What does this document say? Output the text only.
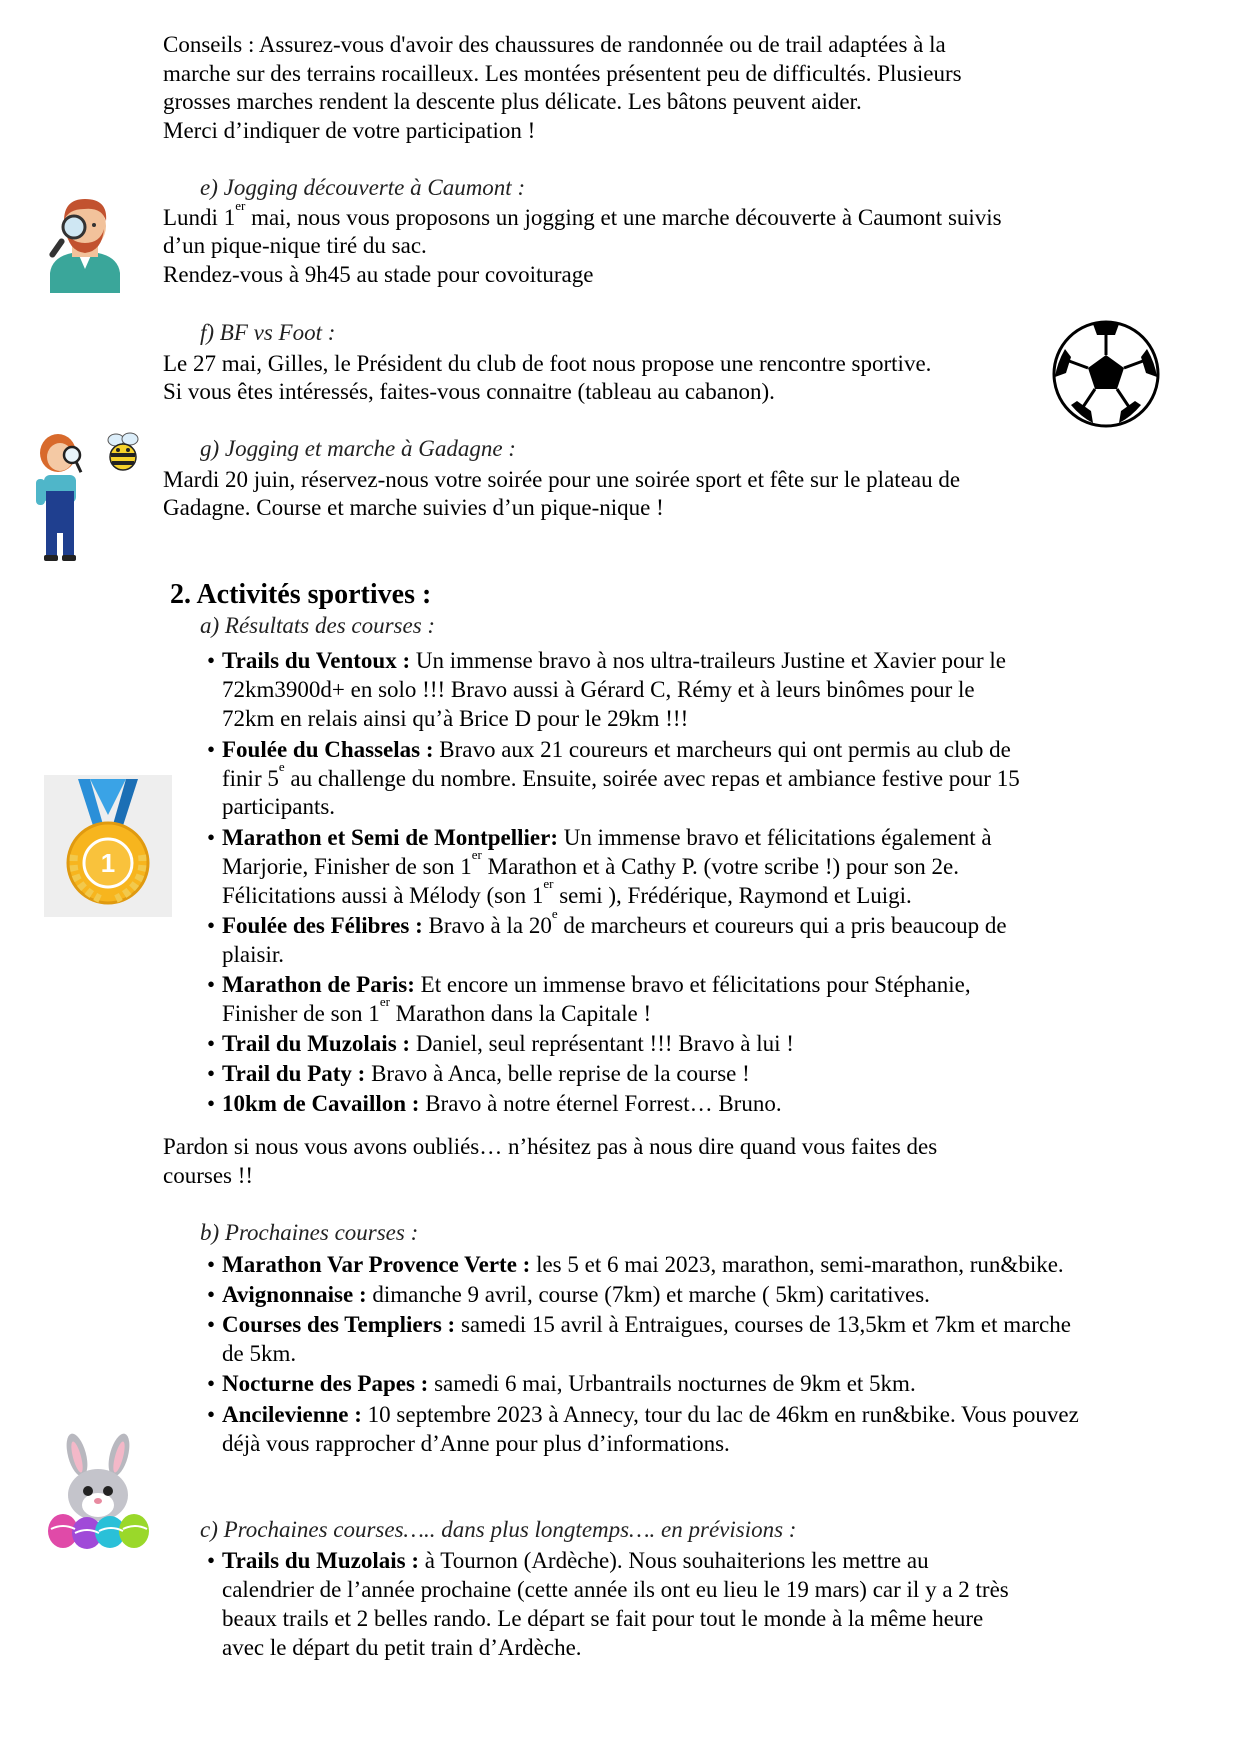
Conseils : Assurez-vous d'avoir des chaussures de randonnée ou de trail adaptées à la
marche sur des terrains rocailleux. Les montées présentent peu de difficultés. Plusieurs
grosses marches rendent la descente plus délicate. Les bâtons peuvent aider.
Merci d’indiquer de votre participation !
e) Jogging découverte à Caumont :
Lundi 1er mai, nous vous proposons un jogging et une marche découverte à Caumont suivis
d’un pique-nique tiré du sac.
Rendez-vous à 9h45 au stade pour covoiturage
f) BF vs Foot :
Le 27 mai, Gilles, le Président du club de foot nous propose une rencontre sportive.
Si vous êtes intéressés, faites-vous connaitre (tableau au cabanon).
g) Jogging et marche à Gadagne :
Mardi 20 juin, réservez-nous votre soirée pour une soirée sport et fête sur le plateau de
Gadagne. Course et marche suivies d’un pique-nique !
2. Activités sportives :
a) Résultats des courses :
• Trails du Ventoux : Un immense bravo à nos ultra-traileurs Justine et Xavier pour le
72km3900d+ en solo !!! Bravo aussi à Gérard C, Rémy et à leurs binômes pour le
72km en relais ainsi qu’à Brice D pour le 29km !!!
• Foulée du Chasselas : Bravo aux 21 coureurs et marcheurs qui ont permis au club de
finir 5e au challenge du nombre. Ensuite, soirée avec repas et ambiance festive pour 15
participants.
• Marathon et Semi de Montpellier: Un immense bravo et félicitations également à
Marjorie, Finisher de son 1er Marathon et à Cathy P. (votre scribe !) pour son 2e.
Félicitations aussi à Mélody (son 1er semi ), Frédérique, Raymond et Luigi.
• Foulée des Félibres : Bravo à la 20e de marcheurs et coureurs qui a pris beaucoup de
plaisir.
• Marathon de Paris: Et encore un immense bravo et félicitations pour Stéphanie,
Finisher de son 1er Marathon dans la Capitale !
• Trail du Muzolais : Daniel, seul représentant !!! Bravo à lui !
• Trail du Paty : Bravo à Anca, belle reprise de la course !
• 10km de Cavaillon : Bravo à notre éternel Forrest… Bruno.
1
Pardon si nous vous avons oubliés… n’hésitez pas à nous dire quand vous faites des
courses !!
b) Prochaines courses :
• Marathon Var Provence Verte : les 5 et 6 mai 2023, marathon, semi-marathon, run&bike.
• Avignonnaise : dimanche 9 avril, course (7km) et marche ( 5km) caritatives.
• Courses des Templiers : samedi 15 avril à Entraigues, courses de 13,5km et 7km et marche
de 5km.
• Nocturne des Papes : samedi 6 mai, Urbantrails nocturnes de 9km et 5km.
• Ancilevienne : 10 septembre 2023 à Annecy, tour du lac de 46km en run&bike. Vous pouvez
déjà vous rapprocher d’Anne pour plus d’informations.
c) Prochaines courses….. dans plus longtemps…. en prévisions :
• Trails du Muzolais : à Tournon (Ardèche). Nous souhaiterions les mettre au
calendrier de l’année prochaine (cette année ils ont eu lieu le 19 mars) car il y a 2 très
beaux trails et 2 belles rando. Le départ se fait pour tout le monde à la même heure
avec le départ du petit train d’Ardèche.
